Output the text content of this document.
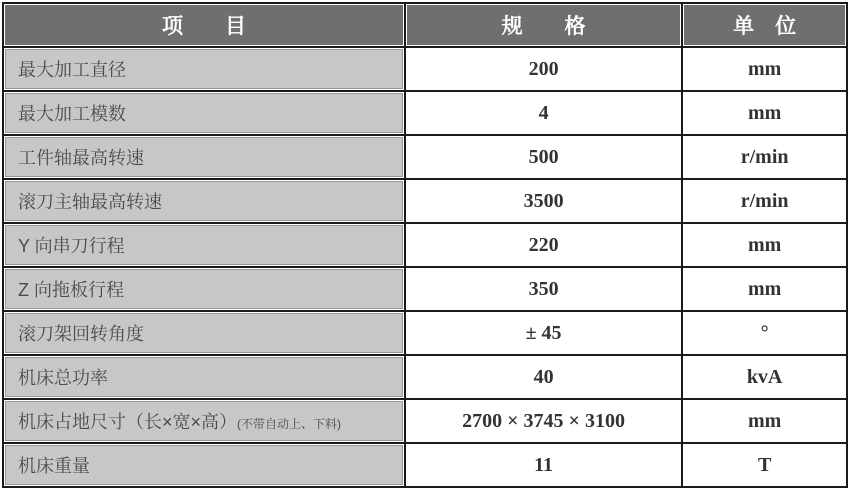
项　　目	规　　格	单　位
最大加工直径	200	mm
最大加工模数	4	mm
工件轴最高转速	500	r/min
滚刀主轴最高转速	3500	r/min
Y 向串刀行程	220	mm
Z 向拖板行程	350	mm
滚刀架回转角度	± 45	°
机床总功率	40	kvA
机床占地尺寸（长×宽×高）(不带自动上、下料)	2700 × 3745 × 3100	mm
机床重量	11	T
